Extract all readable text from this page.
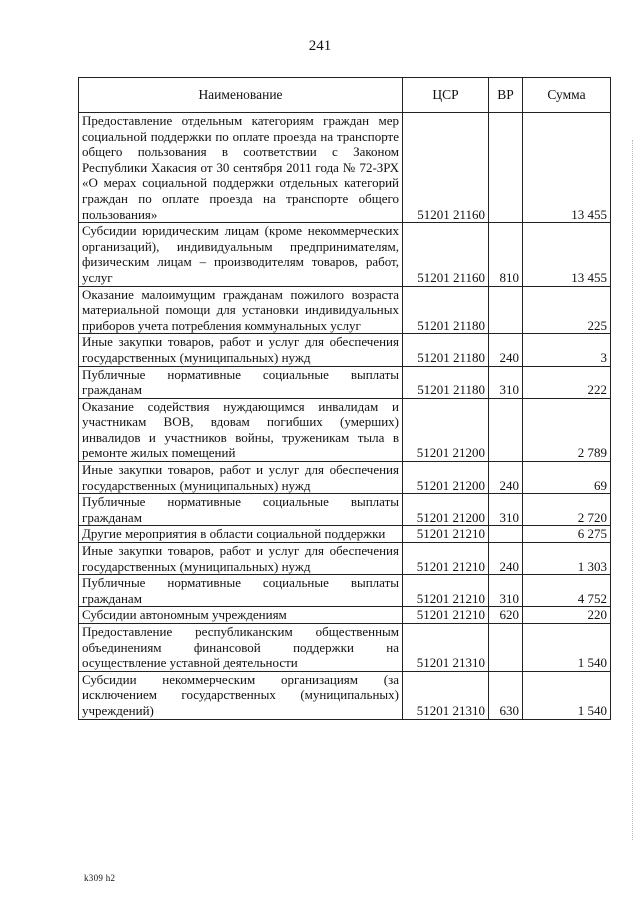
241
Наименование	ЦСР	ВР	Сумма
Предоставление отдельным категориям граждан мер социальной поддержки по оплате проезда на транспорте общего пользования в соответствии с Законом Республики Хакасия от 30 сентября 2011 года № 72-ЗРХ «О мерах социальной поддержки отдельных категорий граждан по оплате проезда на транспорте общего пользования»	51201 21160		13 455
Субсидии юридическим лицам (кроме некоммерческих организаций), индивидуальным предпринимателям, физическим лицам – производителям товаров, работ, услуг	51201 21160	810	13 455
Оказание малоимущим гражданам пожилого возраста материальной помощи для установки индивидуальных приборов учета потребления коммунальных услуг	51201 21180		225
Иные закупки товаров, работ и услуг для обеспечения государственных (муниципальных) нужд	51201 21180	240	3
Публичные нормативные социальные выплаты гражданам	51201 21180	310	222
Оказание содействия нуждающимся инвалидам и участникам ВОВ, вдовам погибших (умерших) инвалидов и участников войны, труженикам тыла в ремонте жилых помещений	51201 21200		2 789
Иные закупки товаров, работ и услуг для обеспечения государственных (муниципальных) нужд	51201 21200	240	69
Публичные нормативные социальные выплаты гражданам	51201 21200	310	2 720
Другие мероприятия в области социальной поддержки	51201 21210		6 275
Иные закупки товаров, работ и услуг для обеспечения государственных (муниципальных) нужд	51201 21210	240	1 303
Публичные нормативные социальные выплаты гражданам	51201 21210	310	4 752
Субсидии автономным учреждениям	51201 21210	620	220
Предоставление республиканским общественным объединениям финансовой поддержки на осуществление уставной деятельности	51201 21310		1 540
Субсидии некоммерческим организациям (за исключением государственных (муниципальных) учреждений)	51201 21310	630	1 540
k309 h2
